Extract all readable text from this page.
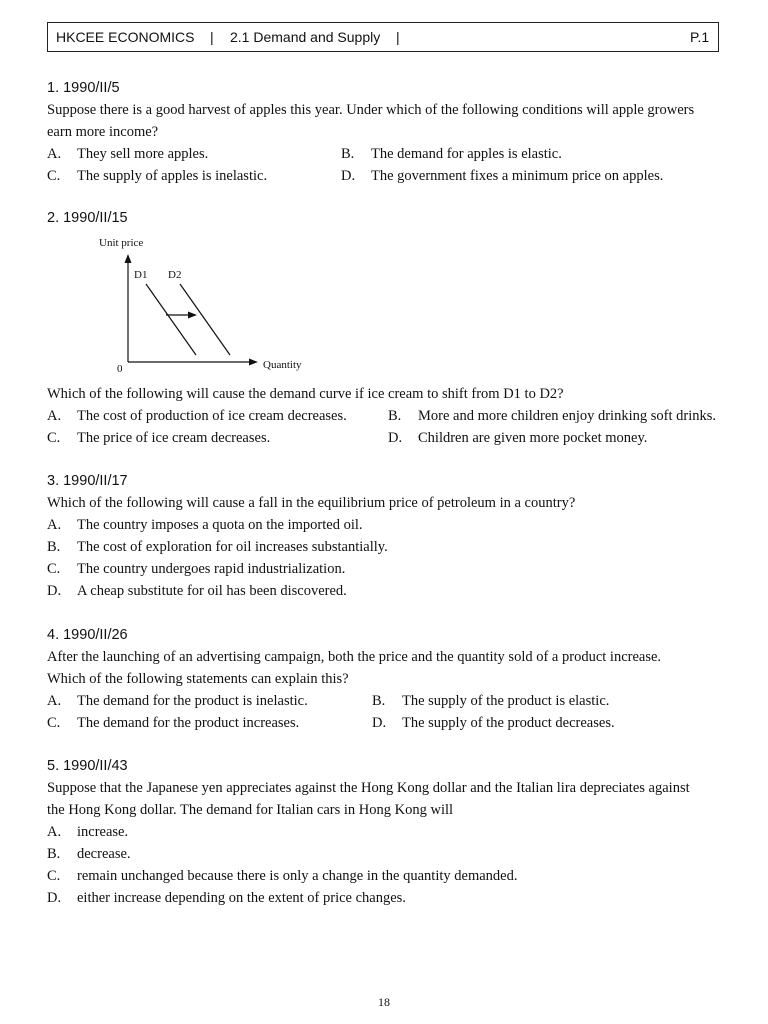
HKCEE ECONOMICS | 2.1 Demand and Supply |	P.1
1. 1990/II/5
Suppose there is a good harvest of apples this year. Under which of the following conditions will apple growers
earn more income?
A. They sell more apples.	B. The demand for apples is elastic.
C. The supply of apples is inelastic.	D. The government fixes a minimum price on apples.
2. 1990/II/15
Unit price
Quantity
0
D1 D2
Which of the following will cause the demand curve if ice cream to shift from D1 to D2?
A. The cost of production of ice cream decreases.	B. More and more children enjoy drinking soft drinks.
C. The price of ice cream decreases.	D. Children are given more pocket money.
3. 1990/II/17
Which of the following will cause a fall in the equilibrium price of petroleum in a country?
A. The country imposes a quota on the imported oil.
B. The cost of exploration for oil increases substantially.
C. The country undergoes rapid industrialization.
D. A cheap substitute for oil has been discovered.
4. 1990/II/26
After the launching of an advertising campaign, both the price and the quantity sold of a product increase.
Which of the following statements can explain this?
A. The demand for the product is inelastic.	B. The supply of the product is elastic.
C. The demand for the product increases.	D. The supply of the product decreases.
5. 1990/II/43
Suppose that the Japanese yen appreciates against the Hong Kong dollar and the Italian lira depreciates against
the Hong Kong dollar. The demand for Italian cars in Hong Kong will
A. increase.
B. decrease.
C. remain unchanged because there is only a change in the quantity demanded.
D. either increase depending on the extent of price changes.
18
